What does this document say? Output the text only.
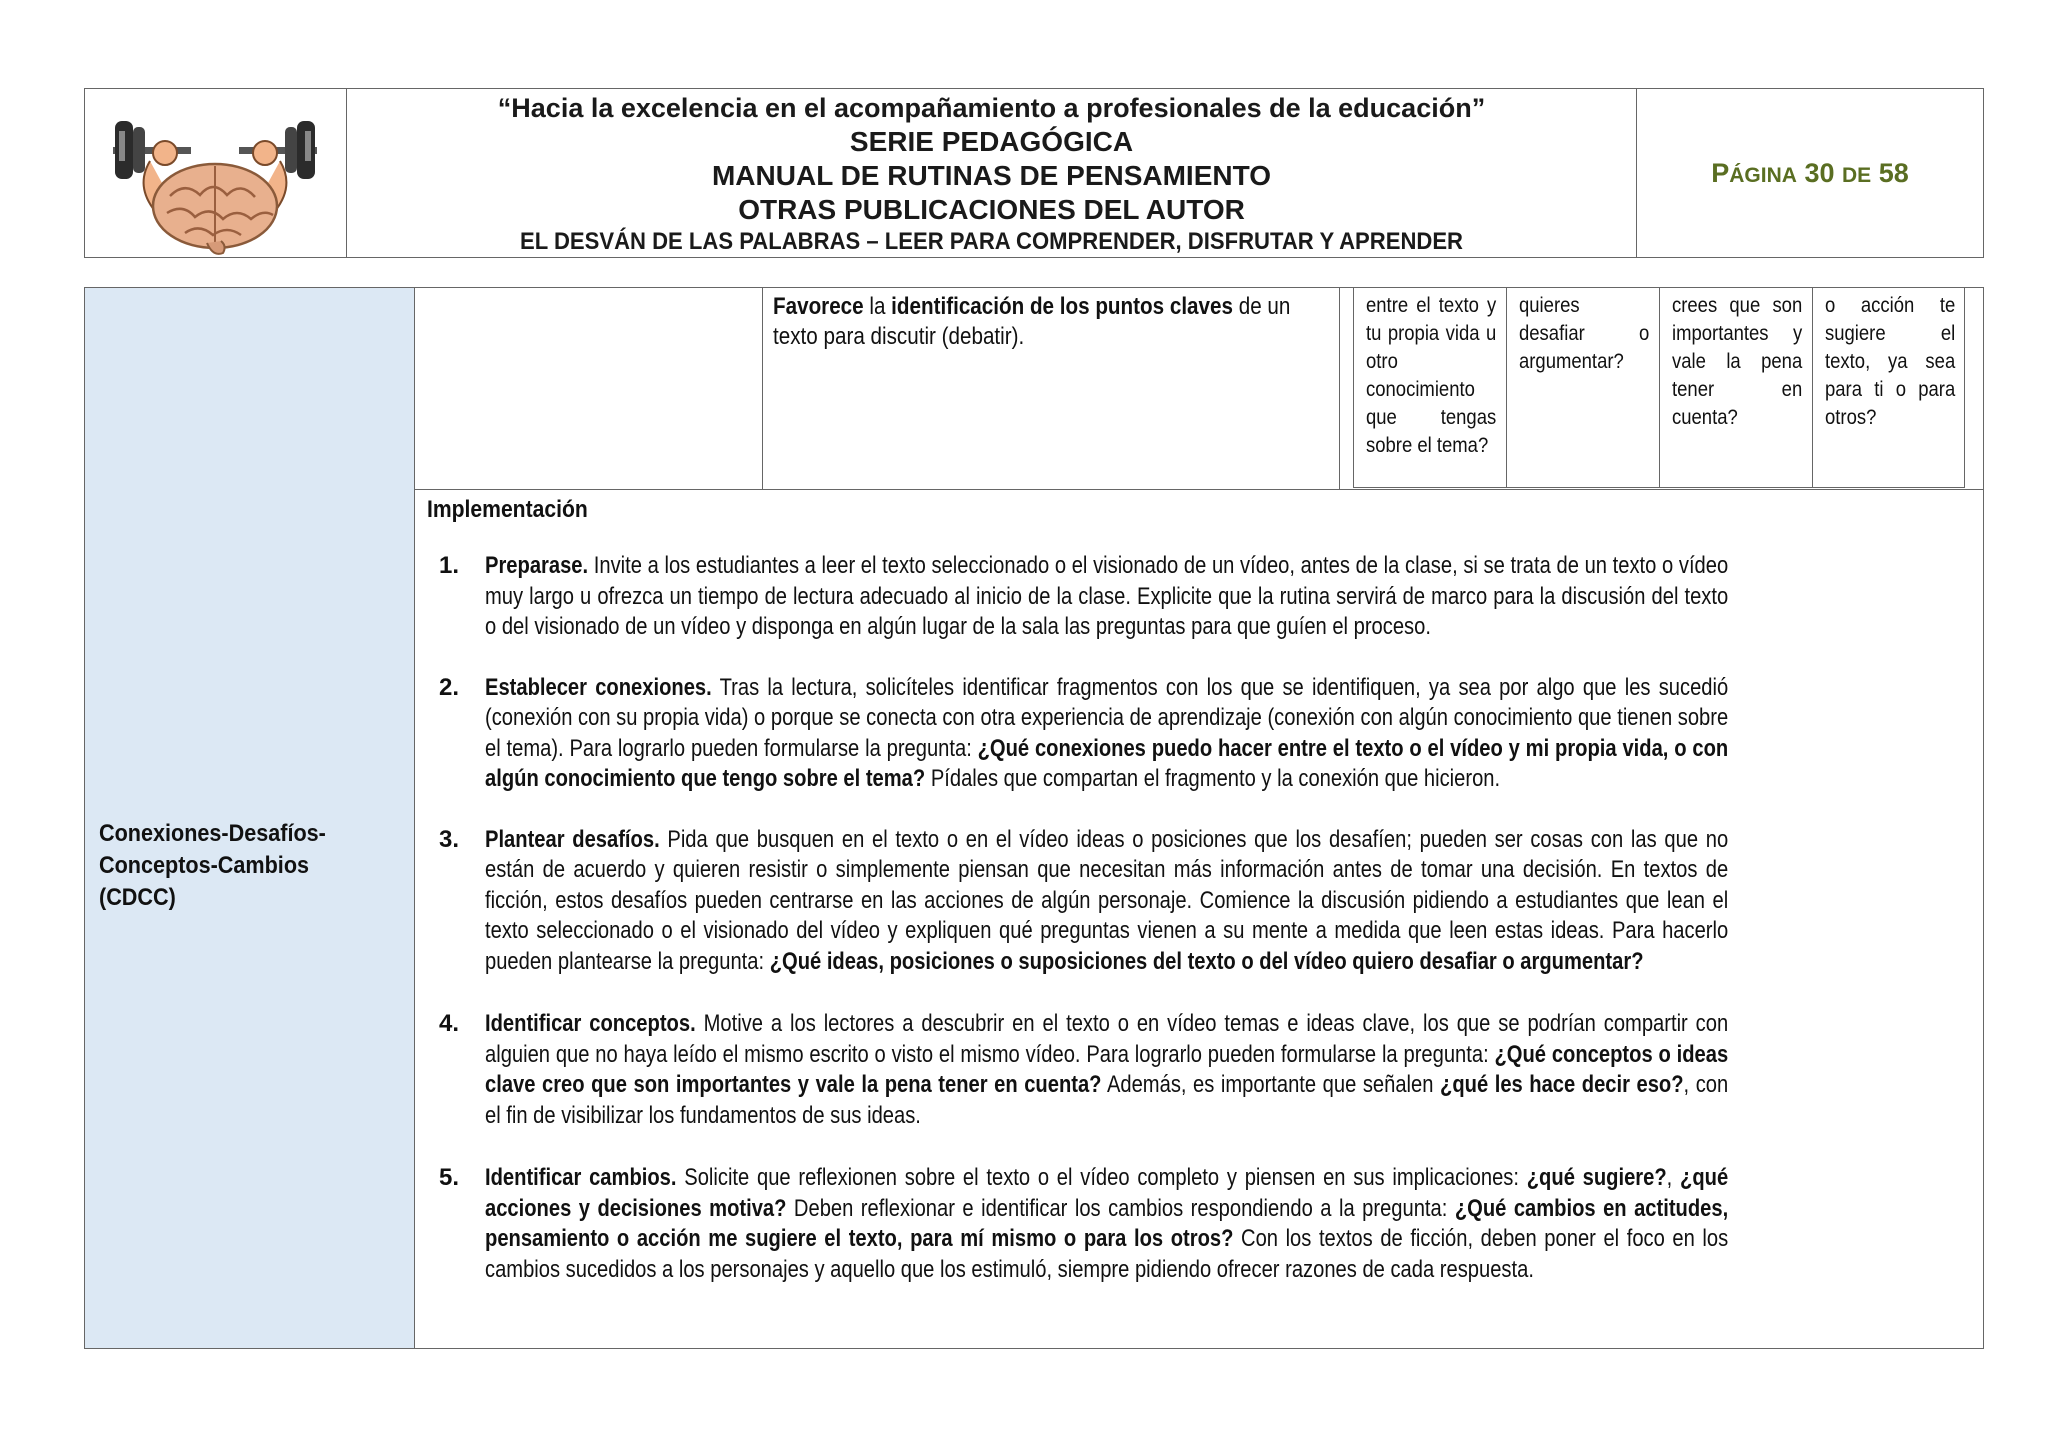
“Hacia la excelencia en el acompañamiento a profesionales de la educación”
SERIE PEDAGÓGICA
MANUAL DE RUTINAS DE PENSAMIENTO
OTRAS PUBLICACIONES DEL AUTOR
EL DESVÁN DE LAS PALABRAS – LEER PARA COMPRENDER, DISFRUTAR Y APRENDER
PÁGINA 30 DE 58
Conexiones-Desafíos-
Conceptos-Cambios (CDCC)
Favorece la identificación de los puntos claves de un texto para discutir (debatir).
entre el texto y tu propia vida u otro conocimiento que tengas sobre el tema?
quieres desafiar o argumentar?
crees que son importantes y vale la pena tener en cuenta?
o acción te sugiere el texto, ya sea para ti o para otros?
Implementación
1. Preparase. Invite a los estudiantes a leer el texto seleccionado o el visionado de un vídeo, antes de la clase, si se trata de un texto o vídeo muy largo u ofrezca un tiempo de lectura adecuado al inicio de la clase. Explicite que la rutina servirá de marco para la discusión del texto o del visionado de un vídeo y disponga en algún lugar de la sala las preguntas para que guíen el proceso.

2. Establecer conexiones. Tras la lectura, solicíteles identificar fragmentos con los que se identifiquen, ya sea por algo que les sucedió (conexión con su propia vida) o porque se conecta con otra experiencia de aprendizaje (conexión con algún conocimiento que tienen sobre el tema). Para lograrlo pueden formularse la pregunta: ¿Qué conexiones puedo hacer entre el texto o el vídeo y mi propia vida, o con algún conocimiento que tengo sobre el tema? Pídales que compartan el fragmento y la conexión que hicieron.

3. Plantear desafíos. Pida que busquen en el texto o en el vídeo ideas o posiciones que los desafíen; pueden ser cosas con las que no están de acuerdo y quieren resistir o simplemente piensan que necesitan más información antes de tomar una decisión. En textos de ficción, estos desafíos pueden centrarse en las acciones de algún personaje. Comience la discusión pidiendo a estudiantes que lean el texto seleccionado o el visionado del vídeo y expliquen qué preguntas vienen a su mente a medida que leen estas ideas. Para hacerlo pueden plantearse la pregunta: ¿Qué ideas, posiciones o suposiciones del texto o del vídeo quiero desafiar o argumentar?

4. Identificar conceptos. Motive a los lectores a descubrir en el texto o en vídeo temas e ideas clave, los que se podrían compartir con alguien que no haya leído el mismo escrito o visto el mismo vídeo. Para lograrlo pueden formularse la pregunta: ¿Qué conceptos o ideas clave creo que son importantes y vale la pena tener en cuenta? Además, es importante que señalen ¿qué les hace decir eso?, con el fin de visibilizar los fundamentos de sus ideas.

5. Identificar cambios. Solicite que reflexionen sobre el texto o el vídeo completo y piensen en sus implicaciones: ¿qué sugiere?, ¿qué acciones y decisiones motiva? Deben reflexionar e identificar los cambios respondiendo a la pregunta: ¿Qué cambios en actitudes, pensamiento o acción me sugiere el texto, para mí mismo o para los otros? Con los textos de ficción, deben poner el foco en los cambios sucedidos a los personajes y aquello que los estimuló, siempre pidiendo ofrecer razones de cada respuesta.
